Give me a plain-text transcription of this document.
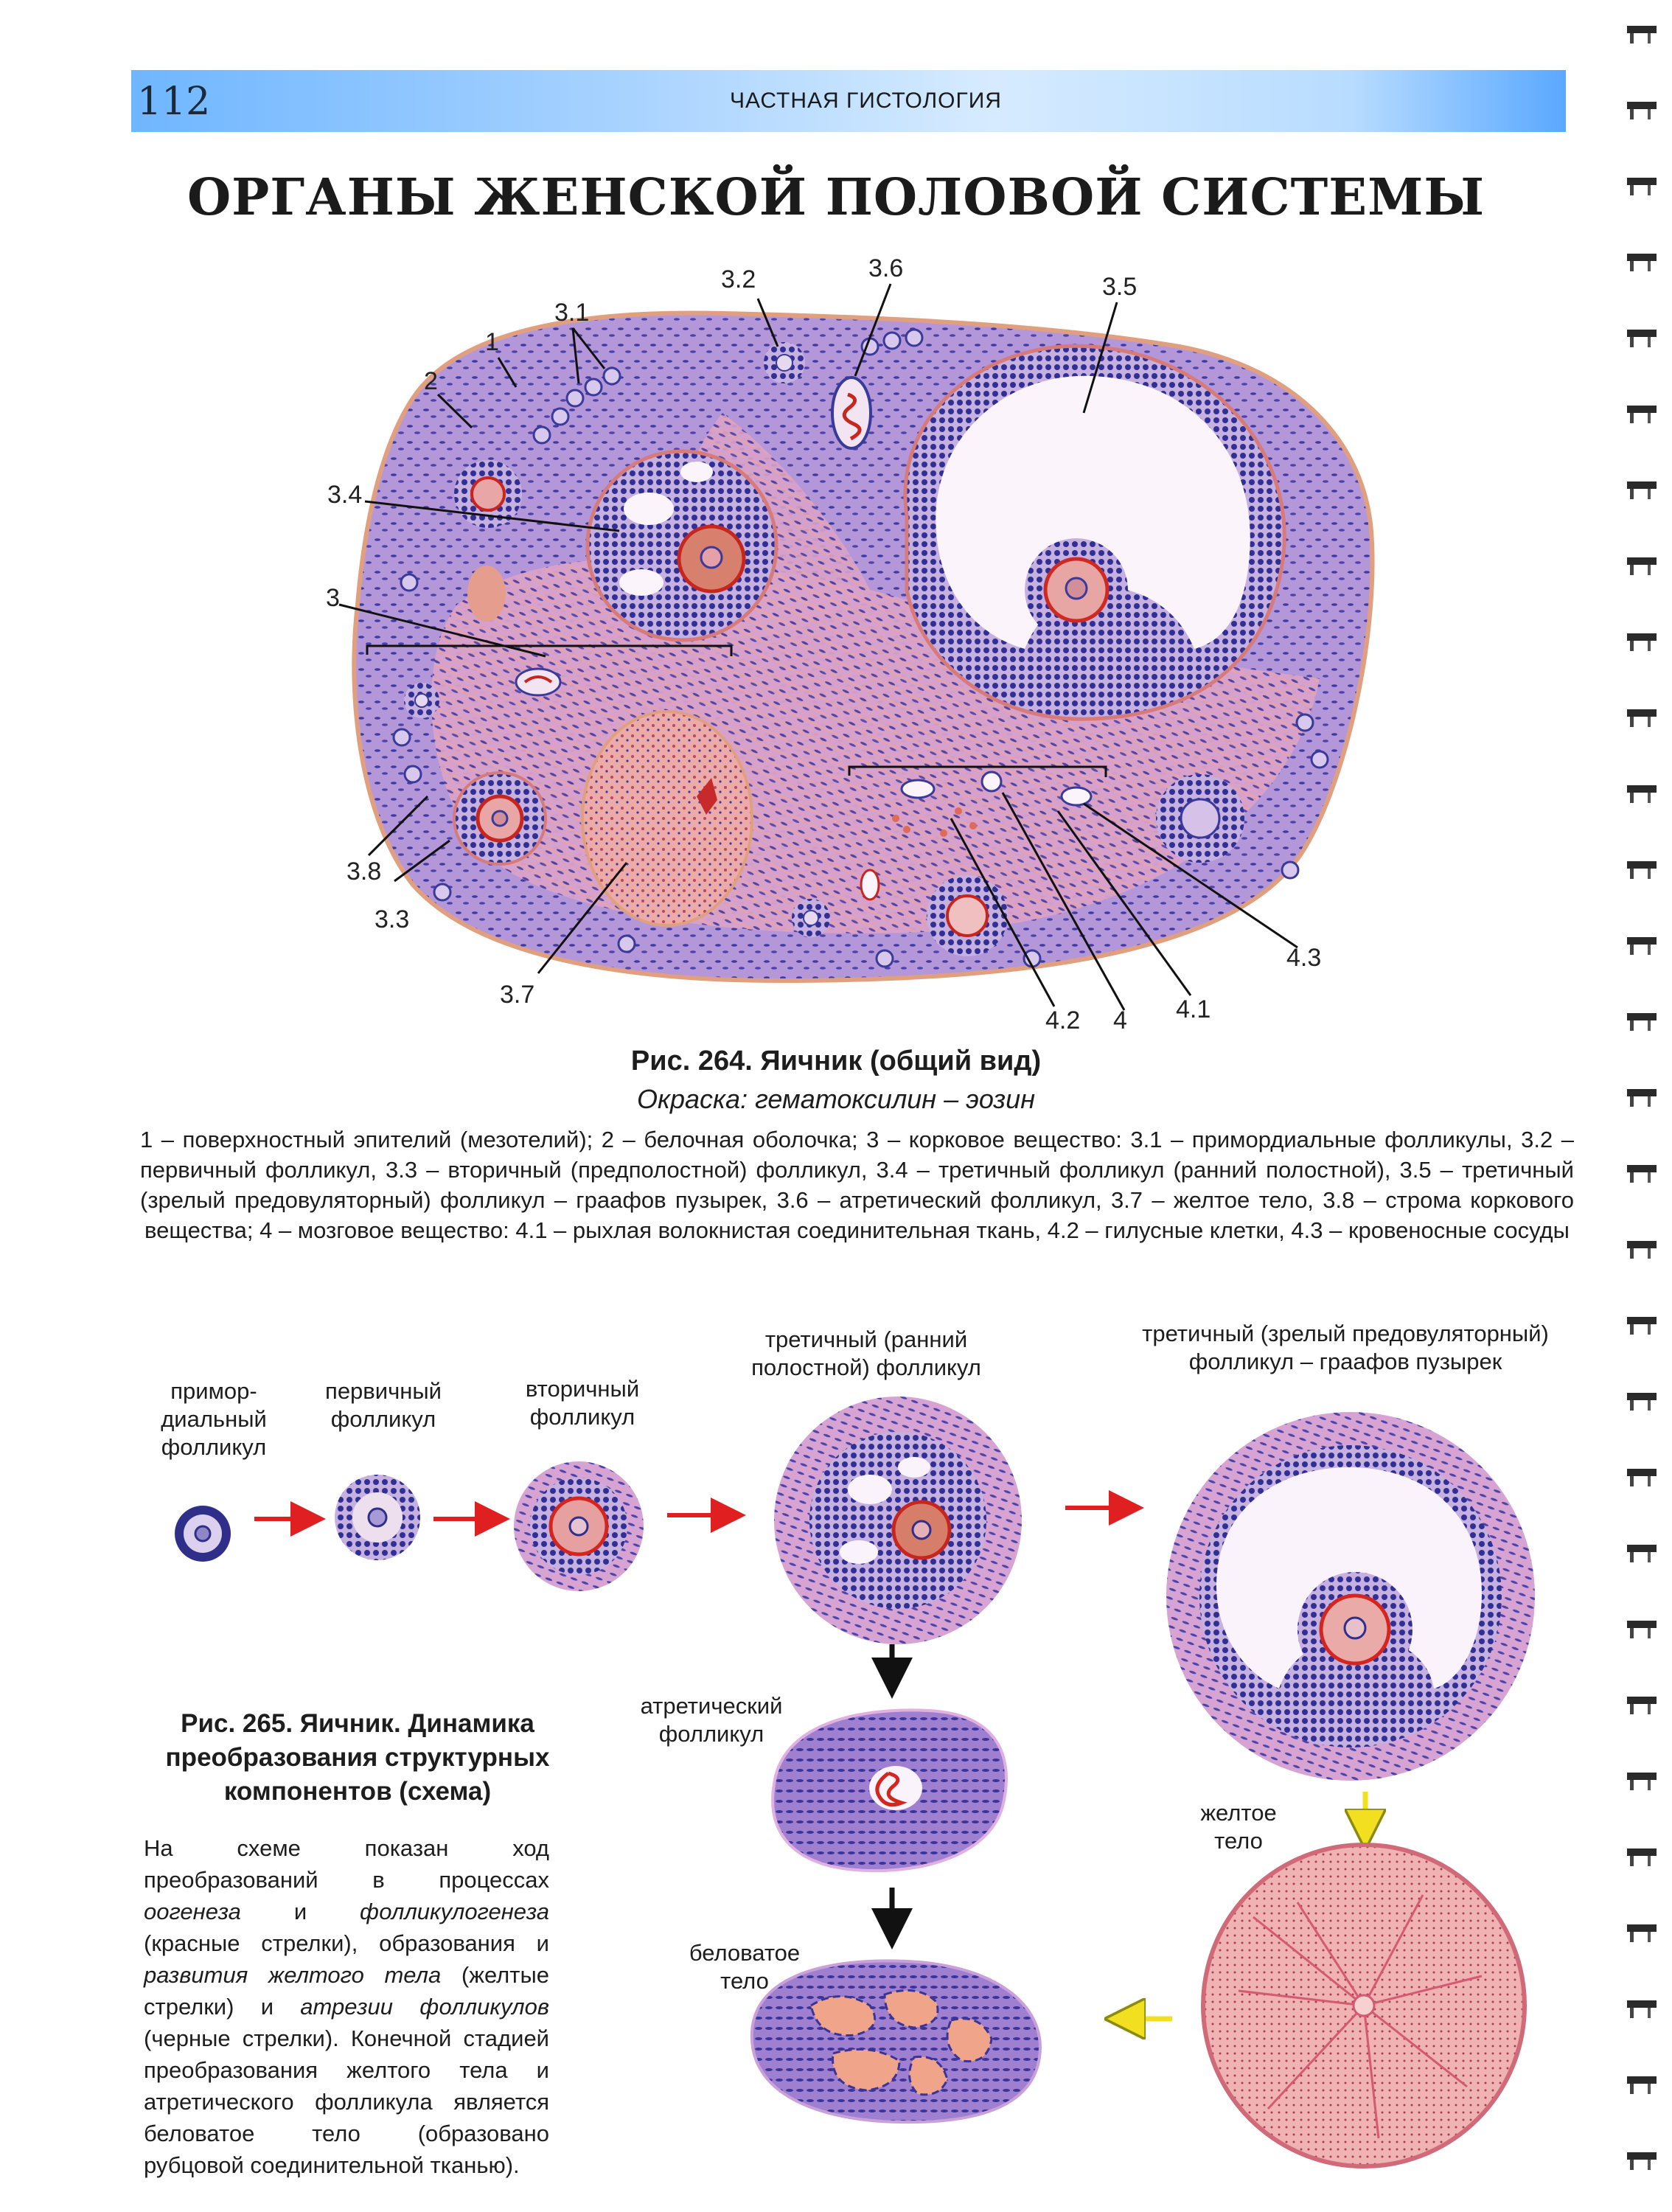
112	ЧАСТНАЯ ГИСТОЛОГИЯ
ОРГАНЫ ЖЕНСКОЙ ПОЛОВОЙ СИСТЕМЫ
1
2
3.1
3.2	3.6
3.5
3.4
3
3.8
3.3
3.7
4.2 4 4.1
4.3
Рис. 264. Яичник (общий вид)
Окраска: гематоксилин – эозин
1 – поверхностный эпителий (мезотелий); 2 – белочная оболочка; 3 – корковое вещество: 3.1 – примордиальные фолликулы, 3.2 – первичный фолликул, 3.3 – вторичный (предполостной) фолликул, 3.4 – третичный фолликул (ранний полостной), 3.5 – третичный (зрелый предовуляторный) фолликул – граафов пузырек, 3.6 – атретический фолликул, 3.7 – желтое тело, 3.8 – строма коркового вещества; 4 – мозговое вещество: 4.1 – рыхлая волокнистая соединительная ткань, 4.2 – гилусные клетки, 4.3 – кровеносные сосуды
примор-
диальный
фолликул
первичный
фолликул
вторичный
фолликул
третичный (ранний
полостной) фолликул
третичный (зрелый предовуляторный)
фолликул – граафов пузырек
атретический
фолликул
желтое
тело
беловатое
тело
Рис. 265. Яичник. Динамика
преобразования структурных
компонентов (схема)
На схеме показан ход преобразований в процессах оогенеза и фолликулогенеза (красные стрелки), образования и развития желтого тела (желтые стрелки) и атрезии фолликулов (черные стрелки). Конечной стадией преобразования желтого тела и атретического фолликула является беловатое тело (образовано рубцовой соединительной тканью).
